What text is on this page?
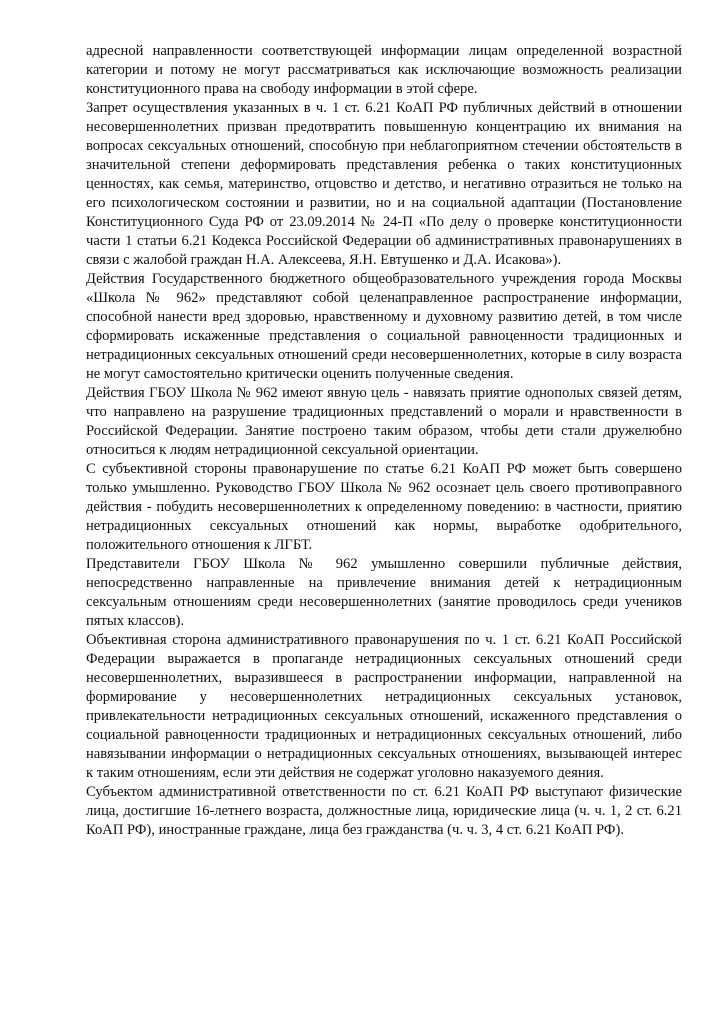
адресной направленности соответствующей информации лицам определенной возрастной категории и потому не могут рассматриваться как исключающие возможность реализации конституционного права на свободу информации в этой сфере.

Запрет осуществления указанных в ч. 1 ст. 6.21 КоАП РФ публичных действий в отношении несовершеннолетних призван предотвратить повышенную концентрацию их внимания на вопросах сексуальных отношений, способную при неблагоприятном стечении обстоятельств в значительной степени деформировать представления ребенка о таких конституционных ценностях, как семья, материнство, отцовство и детство, и негативно отразиться не только на его психологическом состоянии и развитии, но и на социальной адаптации (Постановление Конституционного Суда РФ от 23.09.2014 № 24-П «По делу о проверке конституционности части 1 статьи 6.21 Кодекса Российской Федерации об административных правонарушениях в связи с жалобой граждан Н.А. Алексеева, Я.Н. Евтушенко и Д.А. Исакова»).

Действия Государственного бюджетного общеобразовательного учреждения города Москвы «Школа № 962» представляют собой целенаправленное распространение информации, способной нанести вред здоровью, нравственному и духовному развитию детей, в том числе сформировать искаженные представления о социальной равноценности традиционных и нетрадиционных сексуальных отношений среди несовершеннолетних, которые в силу возраста не могут самостоятельно критически оценить полученные сведения.

Действия ГБОУ Школа № 962 имеют явную цель - навязать приятие однополых связей детям, что направлено на разрушение традиционных представлений о морали и нравственности в Российской Федерации. Занятие построено таким образом, чтобы дети стали дружелюбно относиться к людям нетрадиционной сексуальной ориентации.

С субъективной стороны правонарушение по статье 6.21 КоАП РФ может быть совершено только умышленно. Руководство ГБОУ Школа № 962 осознает цель своего противоправного действия - побудить несовершеннолетних к определенному поведению: в частности, приятию нетрадиционных сексуальных отношений как нормы, выработке одобрительного, положительного отношения к ЛГБТ.

Представители ГБОУ Школа № 962 умышленно совершили публичные действия, непосредственно направленные на привлечение внимания детей к нетрадиционным сексуальным отношениям среди несовершеннолетних (занятие проводилось среди учеников пятых классов).

Объективная сторона административного правонарушения по ч. 1 ст. 6.21 КоАП Российской Федерации выражается в пропаганде нетрадиционных сексуальных отношений среди несовершеннолетних, выразившееся в распространении информации, направленной на формирование у несовершеннолетних нетрадиционных сексуальных установок, привлекательности нетрадиционных сексуальных отношений, искаженного представления о социальной равноценности традиционных и нетрадиционных сексуальных отношений, либо навязывании информации о нетрадиционных сексуальных отношениях, вызывающей интерес к таким отношениям, если эти действия не содержат уголовно наказуемого деяния.

Субъектом административной ответственности по ст. 6.21 КоАП РФ выступают физические лица, достигшие 16-летнего возраста, должностные лица, юридические лица (ч. ч. 1, 2 ст. 6.21 КоАП РФ), иностранные граждане, лица без гражданства (ч. ч. 3, 4 ст. 6.21 КоАП РФ).
